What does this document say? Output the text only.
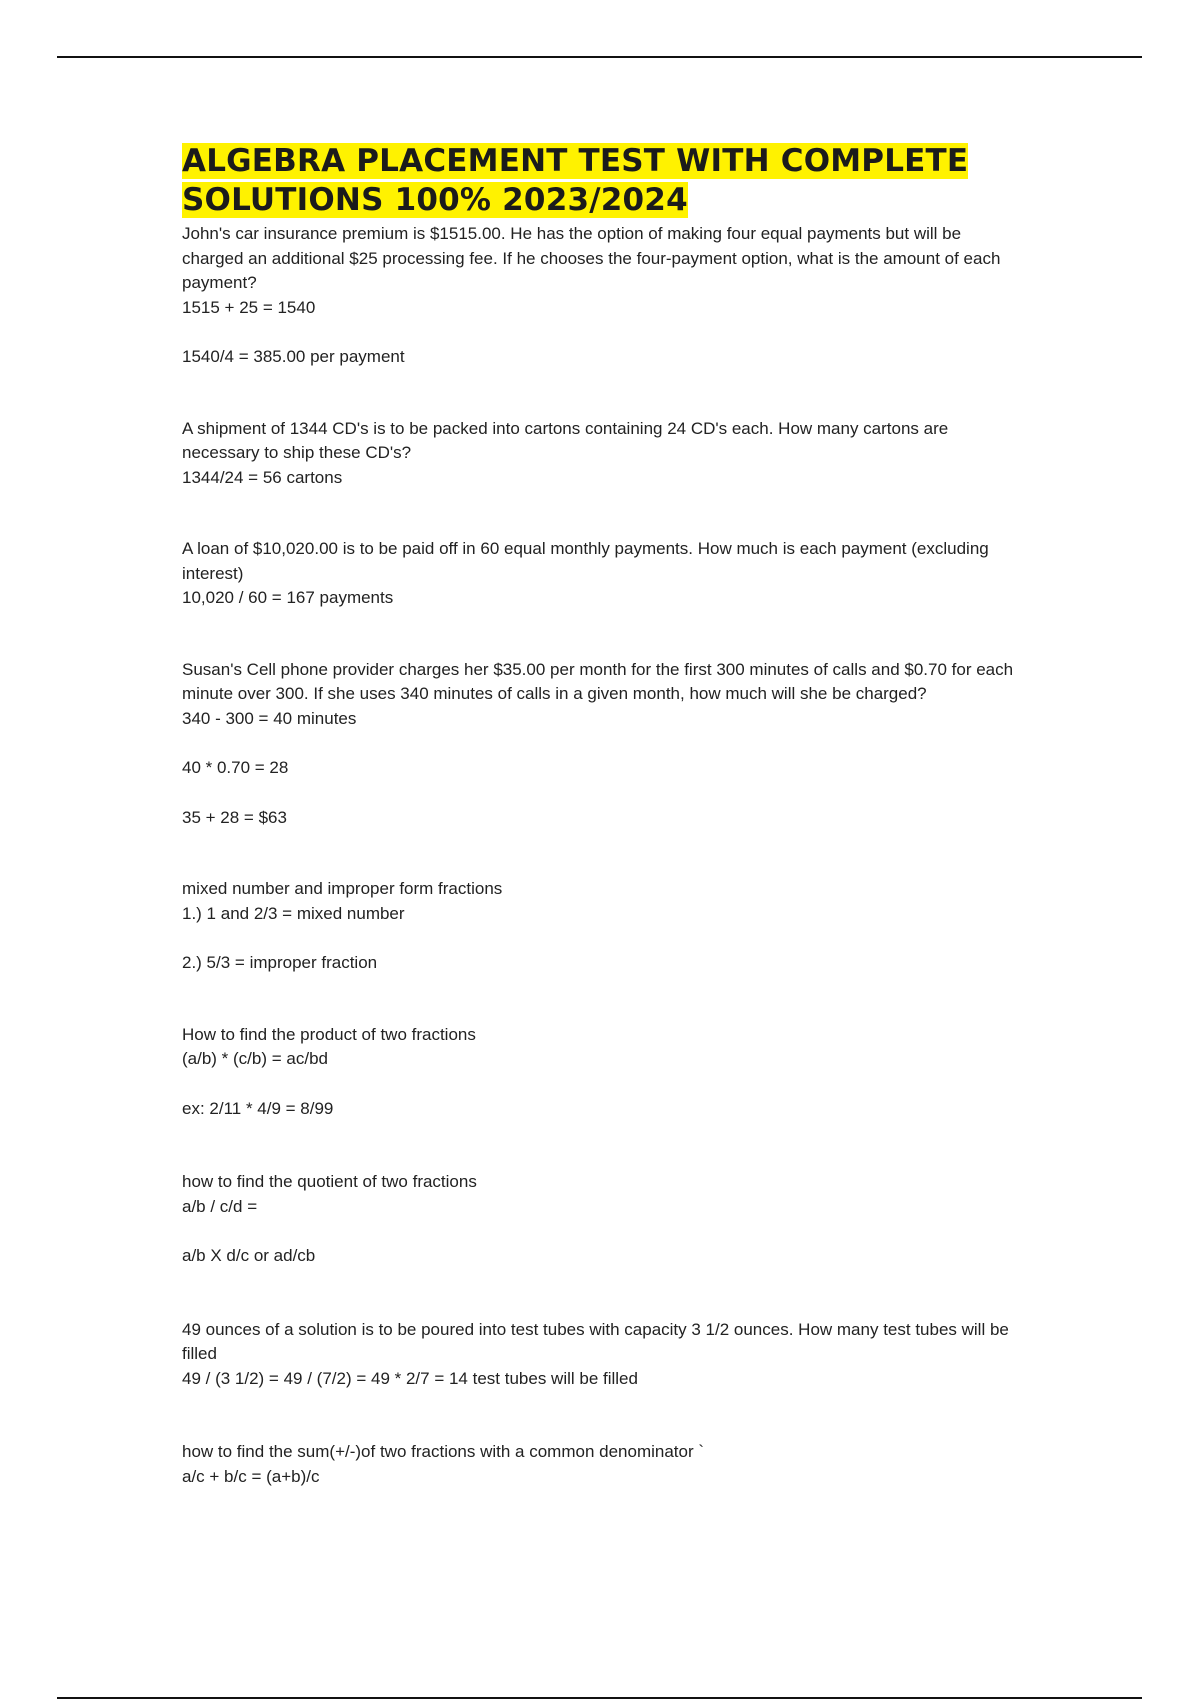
ALGEBRA PLACEMENT TEST WITH COMPLETE
SOLUTIONS 100% 2023/2024

John's car insurance premium is $1515.00. He has the option of making four equal payments but will be charged an additional $25 processing fee. If he chooses the four-payment option, what is the amount of each payment?

1515 + 25 = 1540

1540/4 = 385.00 per payment

A shipment of 1344 CD's is to be packed into cartons containing 24 CD's each. How many cartons are necessary to ship these CD's?

1344/24 = 56 cartons

A loan of $10,020.00 is to be paid off in 60 equal monthly payments. How much is each payment (excluding interest)

10,020 / 60 = 167 payments

Susan's Cell phone provider charges her $35.00 per month for the first 300 minutes of calls and $0.70 for each minute over 300. If she uses 340 minutes of calls in a given month, how much will she be charged?

340 - 300 = 40 minutes

40 * 0.70 = 28

35 + 28 = $63

mixed number and improper form fractions

1.) 1 and 2/3 = mixed number

2.) 5/3 = improper fraction

How to find the product of two fractions

(a/b) * (c/b) = ac/bd

ex: 2/11 * 4/9 = 8/99

how to find the quotient of two fractions

a/b / c/d =

a/b X d/c or ad/cb

49 ounces of a solution is to be poured into test tubes with capacity 3 1/2 ounces. How many test tubes will be filled

49 / (3 1/2) = 49 / (7/2) = 49 * 2/7 = 14 test tubes will be filled

how to find the sum(+/-)of two fractions with a common denominator `

a/c + b/c = (a+b)/c
